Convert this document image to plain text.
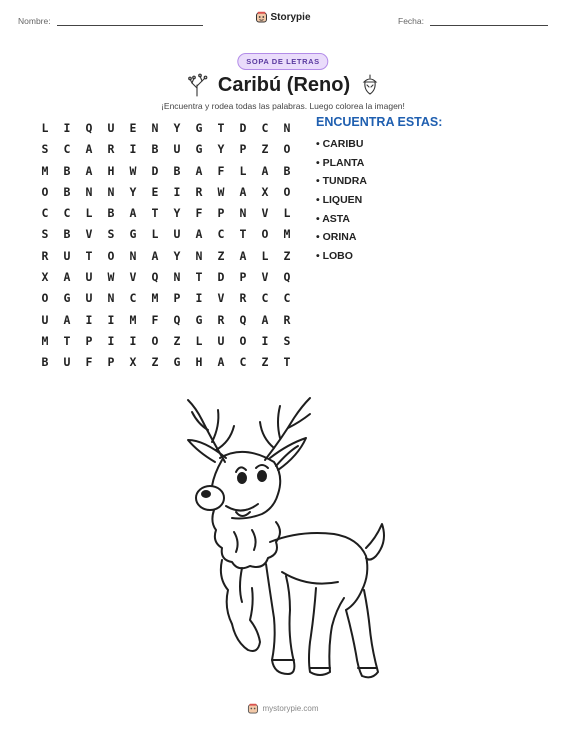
Nombre:	Storypie	Fecha:
SOPA DE LETRAS
Caribú (Reno)
¡Encuentra y rodea todas las palabras. Luego colorea la imagen!
L	I	Q	U	E	N	Y	G	T	D	C	N
S	C	A	R	I	B	U	G	Y	P	Z	O
M	B	A	H	W	D	B	A	F	L	A	B
O	B	N	N	Y	E	I	R	W	A	X	O
C	C	L	B	A	T	Y	F	P	N	V	L
S	B	V	S	G	L	U	A	C	T	O	M
R	U	T	O	N	A	Y	N	Z	A	L	Z
X	A	U	W	V	Q	N	T	D	P	V	Q
O	G	U	N	C	M	P	I	V	R	C	C
U	A	I	I	M	F	Q	G	R	Q	A	R
M	T	P	I	I	O	Z	L	U	O	I	S
B	U	F	P	X	Z	G	H	A	C	Z	T
ENCUENTRA ESTAS:
• CARIBU
• PLANTA
• TUNDRA
• LIQUEN
• ASTA
• ORINA
• LOBO
mystorypie.com
